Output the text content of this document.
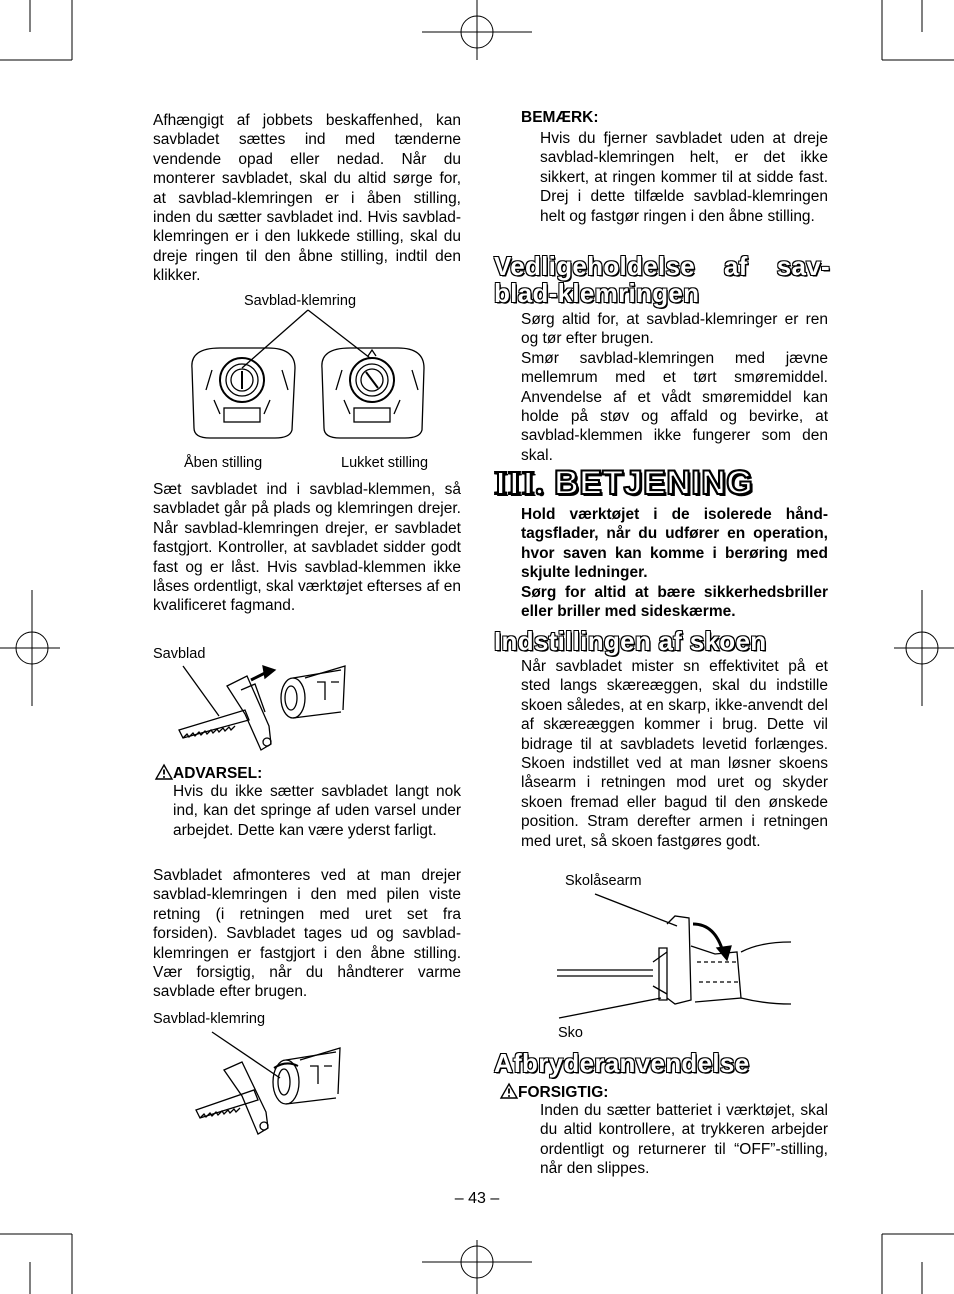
Afhængigt af jobbets beskaffenhed, kan savbladet sættes ind med tænderne vendende opad eller nedad. Når du monterer savbladet, skal du altid sørge for, at savblad-klemringen er i åben stilling, inden du sætter savbladet ind. Hvis savblad-klemringen er i den lukkede stilling, skal du dreje ringen til den åbne stilling, indtil den klikker.

Savblad-klemring
Åben stilling	Lukket stilling

Sæt savbladet ind i savblad-klemmen, så savbladet går på plads og klemringen drejer. Når savblad-klemringen drejer, er savbladet fastgjort. Kontroller, at savbladet sidder godt fast og er låst. Hvis savblad-klemmen ikke låses ordentligt, skal værktøjet efterses af en kvalificeret fagmand.

Savblad
ADVARSEL:

Hvis du ikke sætter savbladet langt nok ind, kan det springe af uden varsel under arbejdet. Dette kan være yderst farligt.

Savbladet afmonteres ved at man drejer savblad-klemringen i den med pilen viste retning (i retningen med uret set fra forsiden). Savbladet tages ud og savblad-klemringen er fastgjort i den åbne stilling. Vær forsigtig, når du håndterer varme savblade efter brugen.

Savblad-klemring
BEMÆRK:

Hvis du fjerner savbladet uden at dreje savblad-klemringen helt, er det ikke sikkert, at ringen kommer til at sidde fast. Drej i dette tilfælde savblad-klemringen helt og fastgør ringen i den åbne stilling.

Vedligeholdelse af sav-
blad-klemringen

Sørg altid for, at savblad-klemringer er ren og tør efter brugen.

Smør savblad-klemringen med jævne mellemrum med et tørt smøremiddel. Anvendelse af et vådt smøremiddel kan holde på støv og affald og bevirke, at savblad-klemmen ikke fungerer som den skal.

III. BETJENING

Hold værktøjet i de isolerede håndtagsflader, når du udfører en operation, hvor saven kan komme i berøring med skjulte ledninger.

Sørg for altid at bære sikkerhedsbriller eller briller med sideskærme.

Indstillingen af skoen

Når savbladet mister sn effektivitet på et sted langs skæreæggen, skal du indstille skoen således, at en skarp, ikke-anvendt del af skæreæggen kommer i brug. Dette vil bidrage til at savbladets levetid forlænges. Skoen indstillet ved at man løsner skoens låsearm i retningen mod uret og skyder skoen fremad eller bagud til den ønskede position. Stram derefter armen i retningen med uret, så skoen fastgøres godt.

Skolåsearm
Sko
Afbryderanvendelse
FORSIGTIG:

Inden du sætter batteriet i værktøjet, skal du altid kontrollere, at trykkeren arbejder ordentligt og returnerer til “OFF”-stilling, når den slippes.

– 43 –
